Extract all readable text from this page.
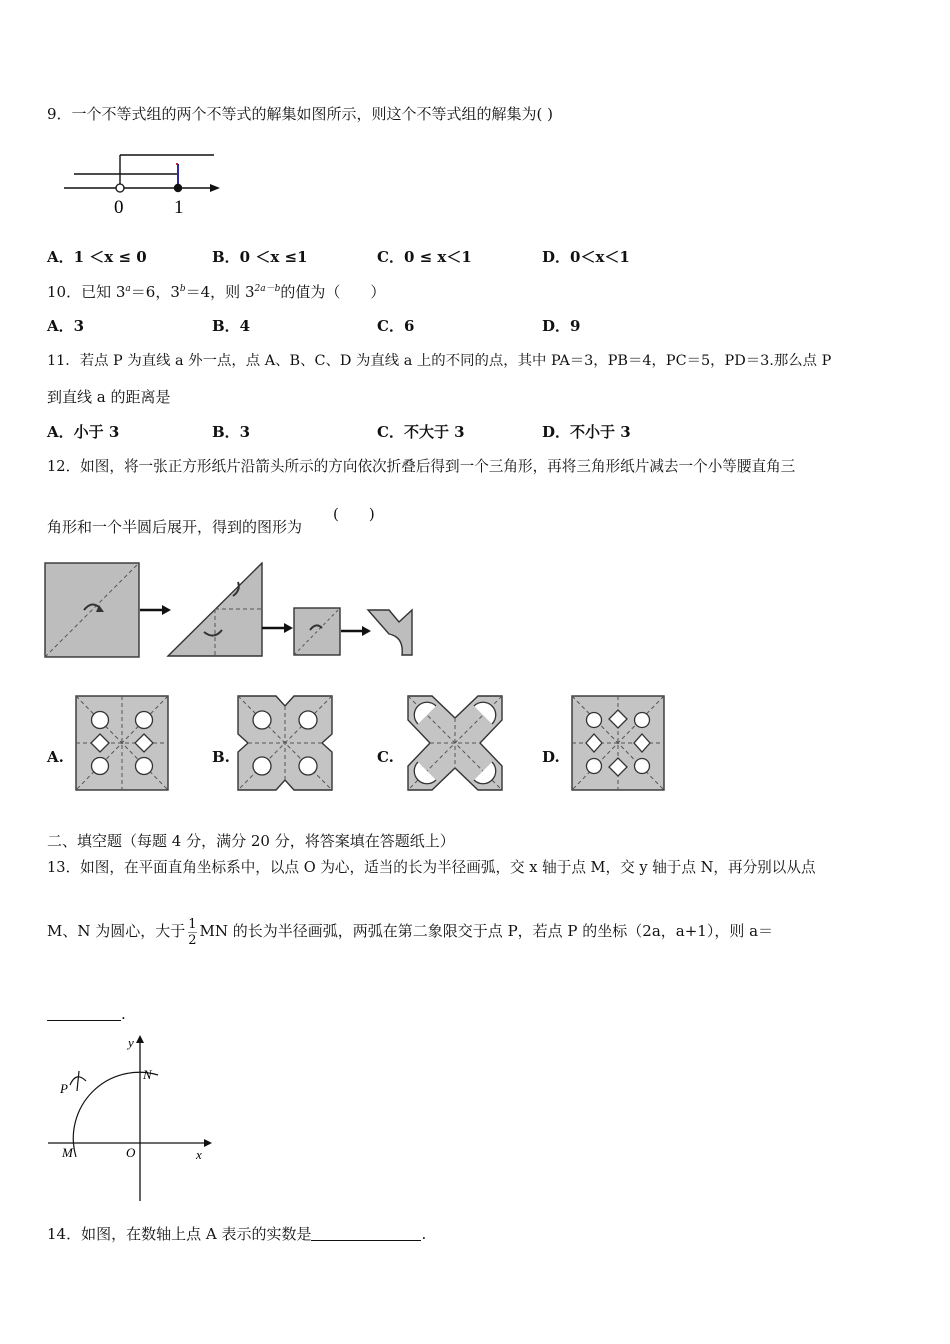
9．一个不等式组的两个不等式的解集如图所示，则这个不等式组的解集为( )
0	1
A．1 ＜x ≤ 0	B．0 ＜x ≤1	C．0 ≤ x＜1	D．0＜x＜1
10．已知 $3^a=6$，$3^b=4$，则 $3^{2a-b}$的值为（　　）
A．3	B．4	C．6	D．9
11．若点 P 为直线 a 外一点，点 A、B、C、D 为直线 a 上的不同的点，其中 PA＝3，PB＝4，PC＝5，PD＝3.那么点 P
到直线 a 的距离是
A．小于 3	B．3	C．不大于 3	D．不小于 3
12．如图，将一张正方形纸片沿箭头所示的方向依次折叠后得到一个三角形，再将三角形纸片减去一个小等腰直角三
角形和一个半圆后展开，得到的图形为
(　　)
A.	B.	C.	D.
二、填空题（每题 4 分，满分 20 分，将答案填在答题纸上）
13．如图，在平面直角坐标系中，以点 O 为心，适当的长为半径画弧，交 x 轴于点 M，交 y 轴于点 N，再分别以从点
M、N 为圆心，大于 $\frac{1}{2}$ MN 的长为半径画弧，两弧在第二象限交于点 P，若点 P 的坐标（2a，a+1），则 a＝
.
y
x
N
P
M	O
14．如图，在数轴上点 A 表示的实数是	.
